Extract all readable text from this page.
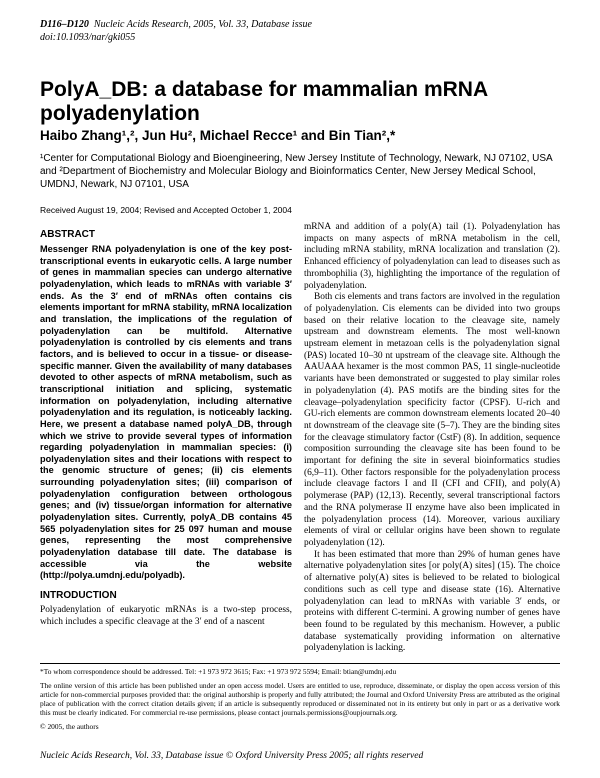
D116–D120 Nucleic Acids Research, 2005, Vol. 33, Database issue
doi:10.1093/nar/gki055
PolyA_DB: a database for mammalian mRNA polyadenylation
Haibo Zhang¹,², Jun Hu², Michael Recce¹ and Bin Tian²,*
¹Center for Computational Biology and Bioengineering, New Jersey Institute of Technology, Newark, NJ 07102, USA and ²Department of Biochemistry and Molecular Biology and Bioinformatics Center, New Jersey Medical School, UMDNJ, Newark, NJ 07101, USA
Received August 19, 2004; Revised and Accepted October 1, 2004
ABSTRACT

Messenger RNA polyadenylation is one of the key post-transcriptional events in eukaryotic cells. A large number of genes in mammalian species can undergo alternative polyadenylation, which leads to mRNAs with variable 3′ ends. As the 3′ end of mRNAs often contains cis elements important for mRNA stability, mRNA localization and translation, the implications of the regulation of polyadenylation can be multifold. Alternative polyadenylation is controlled by cis elements and trans factors, and is believed to occur in a tissue- or disease-specific manner. Given the availability of many databases devoted to other aspects of mRNA metabolism, such as transcriptional initiation and splicing, systematic information on polyadenylation, including alternative polyadenylation and its regulation, is noticeably lacking. Here, we present a database named polyA_DB, through which we strive to provide several types of information regarding polyadenylation in mammalian species: (i) polyadenylation sites and their locations with respect to the genomic structure of genes; (ii) cis elements surrounding polyadenylation sites; (iii) comparison of polyadenylation configuration between orthologous genes; and (iv) tissue/organ information for alternative polyadenylation sites. Currently, polyA_DB contains 45 565 polyadenylation sites for 25 097 human and mouse genes, representing the most comprehensive polyadenylation database till date. The database is accessible via the website (http://polya.umdnj.edu/polyadb).

INTRODUCTION

Polyadenylation of eukaryotic mRNAs is a two-step process, which includes a specific cleavage at the 3′ end of a nascent

mRNA and addition of a poly(A) tail (1). Polyadenylation has impacts on many aspects of mRNA metabolism in the cell, including mRNA stability, mRNA localization and translation (2). Enhanced efficiency of polyadenylation can lead to diseases such as thrombophilia (3), highlighting the importance of the regulation of polyadenylation.

Both cis elements and trans factors are involved in the regulation of polyadenylation. Cis elements can be divided into two groups based on their relative location to the cleavage site, namely upstream and downstream elements. The most well-known upstream element in metazoan cells is the polyadenylation signal (PAS) located 10–30 nt upstream of the cleavage site. Although the AAUAAA hexamer is the most common PAS, 11 single-nucleotide variants have been demonstrated or suggested to play similar roles in polyadenylation (4). PAS motifs are the binding sites for the cleavage–polyadenylation specificity factor (CPSF). U-rich and GU-rich elements are common downstream elements located 20–40 nt downstream of the cleavage site (5–7). They are the binding sites for the cleavage stimulatory factor (CstF) (8). In addition, sequence composition surrounding the cleavage site has been found to be important for defining the site in several bioinformatics studies (6,9–11). Other factors responsible for the polyadenylation process include cleavage factors I and II (CFI and CFII), and poly(A) polymerase (PAP) (12,13). Recently, several transcriptional factors and the RNA polymerase II enzyme have also been implicated in the polyadenylation process (14). Moreover, various auxiliary elements of viral or cellular origins have been shown to regulate polyadenylation (12).

It has been estimated that more than 29% of human genes have alternative polyadenylation sites [or poly(A) sites] (15). The choice of alternative poly(A) sites is believed to be related to biological conditions such as cell type and disease state (16). Alternative polyadenylation can lead to mRNAs with variable 3′ ends, or proteins with different C-termini. A growing number of genes have been found to be regulated by this mechanism. However, a public database systematically providing information on alternative polyadenylation is lacking.

*To whom correspondence should be addressed. Tel: +1 973 972 3615; Fax: +1 973 972 5594; Email: btian@umdnj.edu

The online version of this article has been published under an open access model. Users are entitled to use, reproduce, disseminate, or display the open access version of this article for non-commercial purposes provided that: the original authorship is properly and fully attributed; the Journal and Oxford University Press are attributed as the original place of publication with the correct citation details given; if an article is subsequently reproduced or disseminated not in its entirety but only in part or as a derivative work this must be clearly indicated. For commercial re-use permissions, please contact journals.permissions@oupjournals.org.

© 2005, the authors

Nucleic Acids Research, Vol. 33, Database issue © Oxford University Press 2005; all rights reserved
